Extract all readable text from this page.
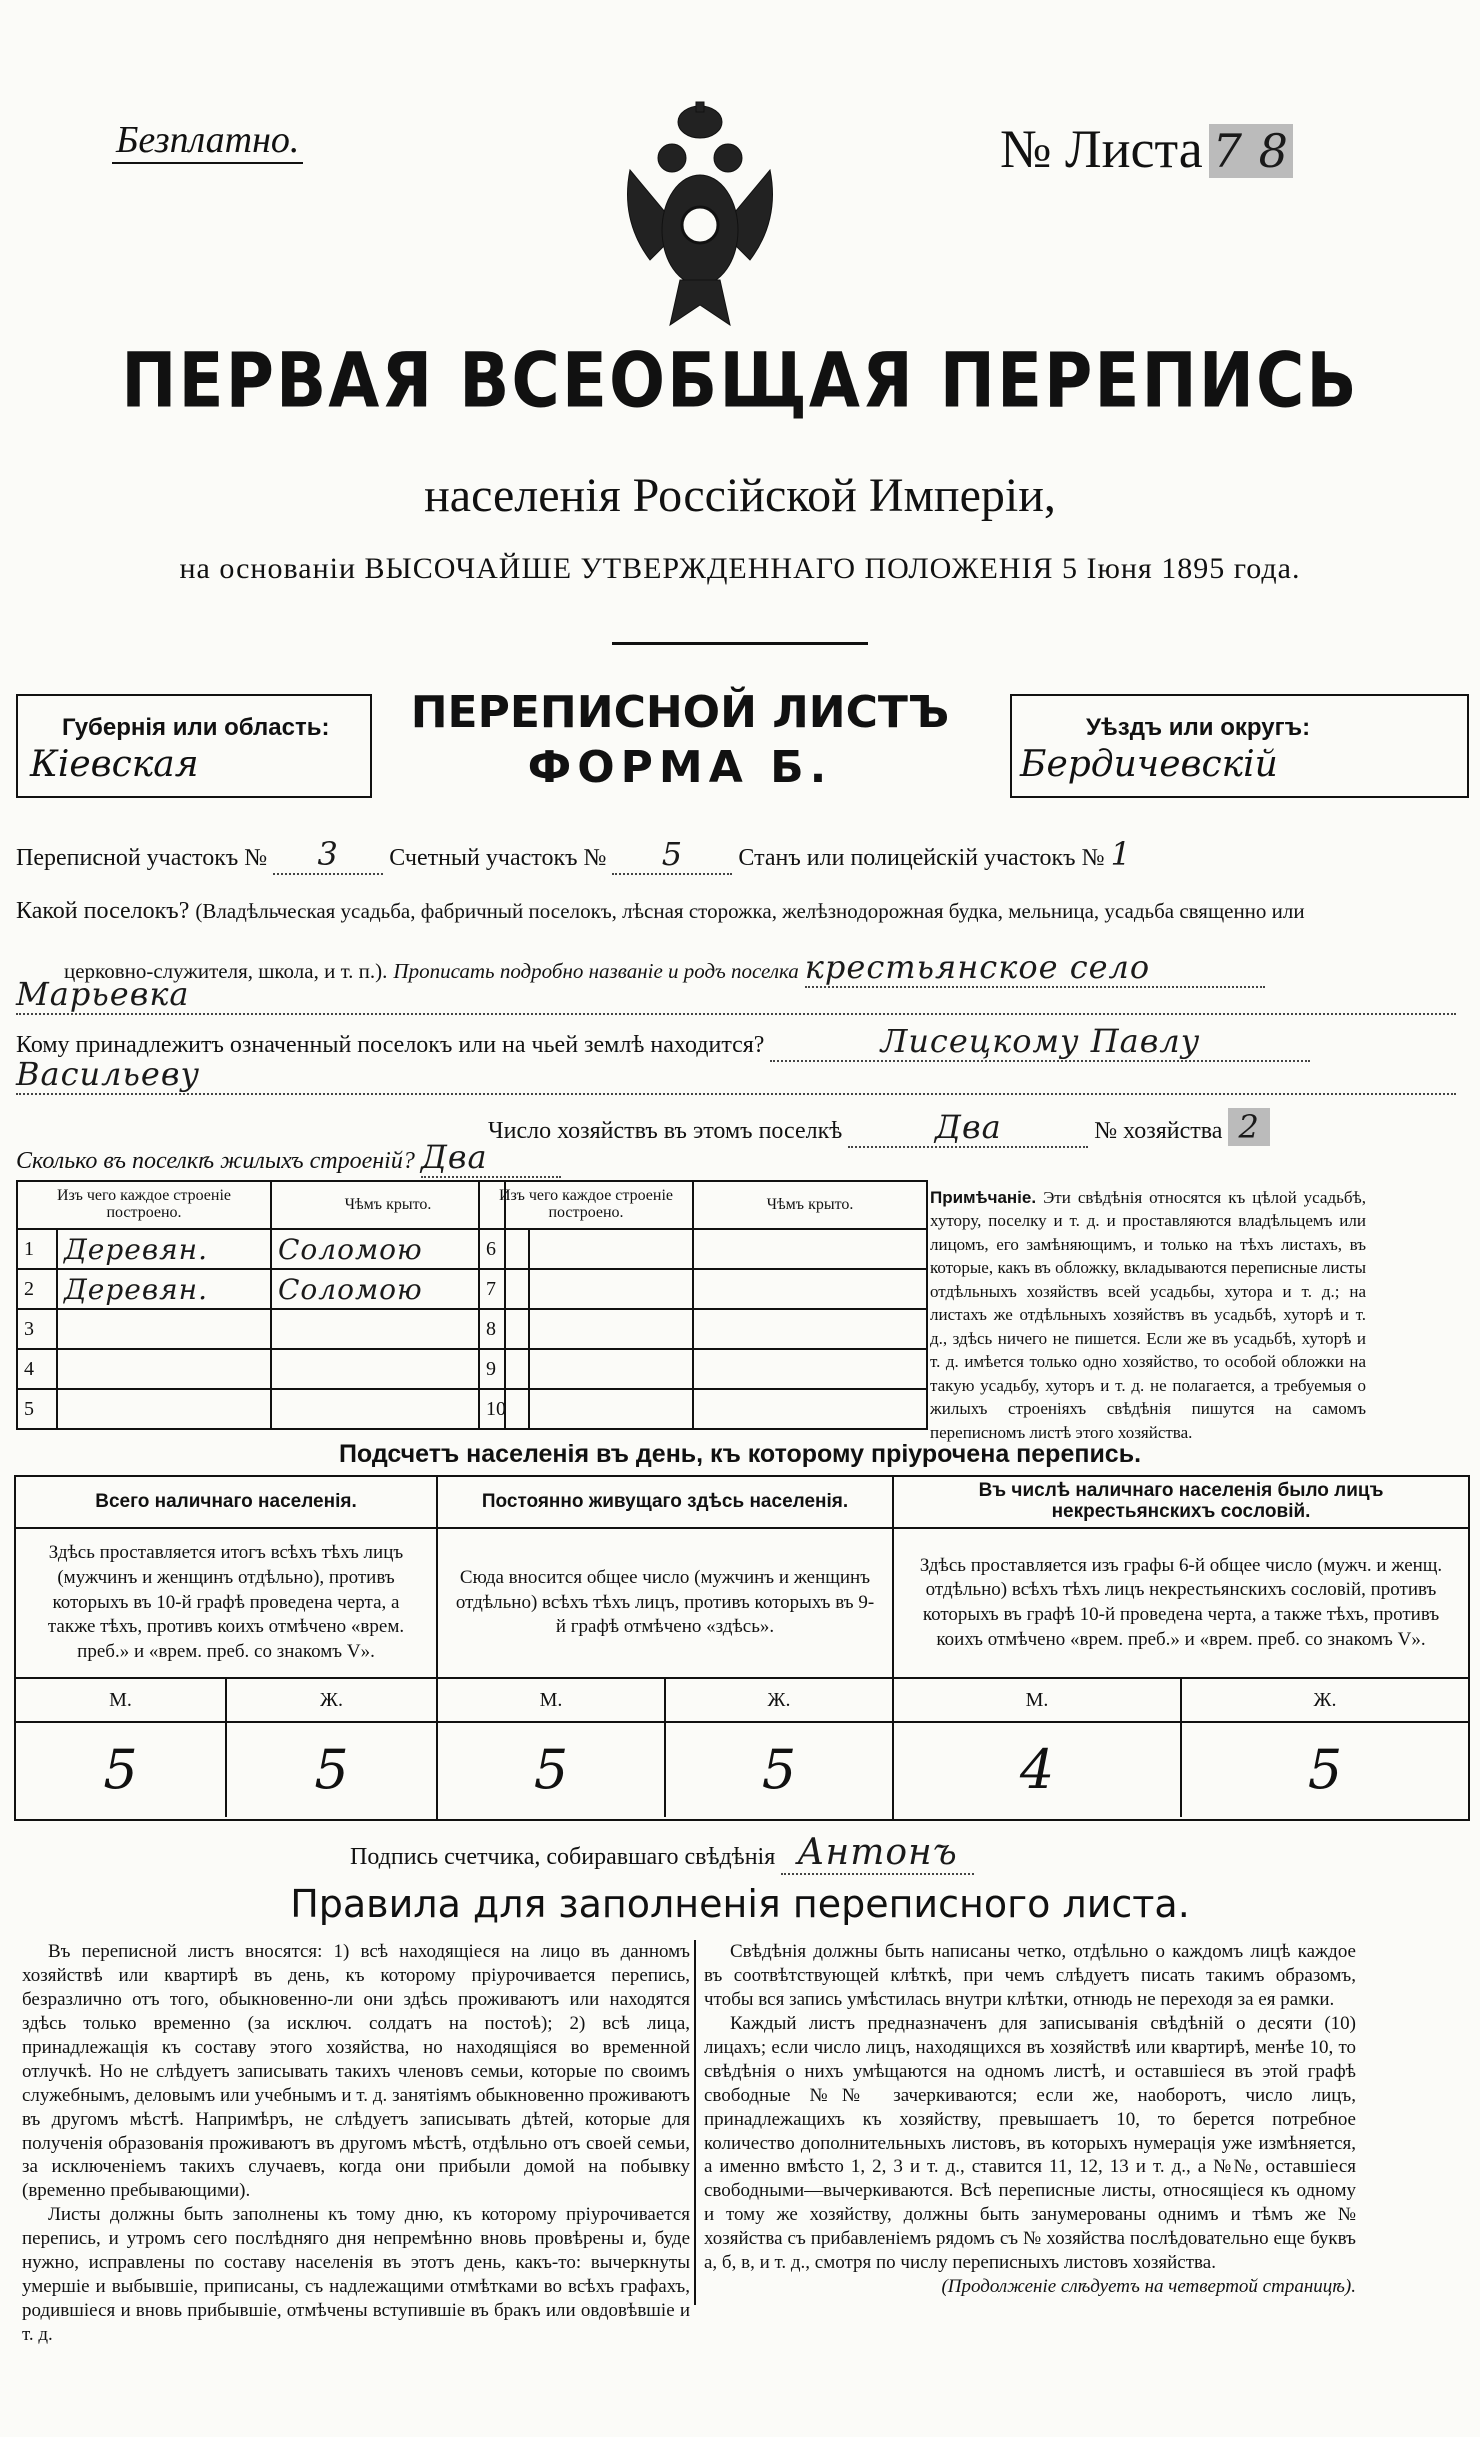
Безплатно.	№ Листа 7 8
ПЕРВАЯ ВСЕОБЩАЯ ПЕРЕПИСЬ
населенія Россійской Имперіи,
на основаніи ВЫСОЧАЙШЕ УТВЕРЖДЕННАГО ПОЛОЖЕНІЯ 5 Іюня 1895 года.
Губернія или область:
Кіевская
ПЕРЕПИСНОЙ ЛИСТЪ
ФОРМА Б.
Уѣздъ или округъ:
Бердичевскій
Переписной участокъ № 3 Счетный участокъ № 5 Станъ или полицейскій участокъ № 1
Какой поселокъ? (Владѣльческая усадьба, фабричный поселокъ, лѣсная сторожка, желѣзнодорожная будка, мельница, усадьба священно или
церковно-служителя, школа, и т. п.). Прописать подробно названіе и родъ поселка крестьянское село
Марьевка
Кому принадлежитъ означенный поселокъ или на чьей землѣ находится?	Лисецкому Павлу
Васильеву
Число хозяйствъ въ этомъ поселкѣ	Два	№ хозяйства 2
Сколько въ поселкѣ жилыхъ строеній? Два
Изъ чего каждое строеніе построено.		Чѣмъ крыто.
1	Деревян.	Соломою
2	Деревян.	Соломою
3		
4		
5		
Изъ чего каждое строеніе построено.		Чѣмъ крыто.
6		
7		
8		
9		
10		
Примѣчаніе. Эти свѣдѣнія относятся къ цѣлой усадьбѣ, хутору, поселку и т. д. и проставляются владѣльцемъ или лицомъ, его замѣняющимъ, и только на тѣхъ листахъ, въ которые, какъ въ обложку, вкладываются переписные листы отдѣльныхъ хозяйствъ всей усадьбы, хутора и т. д.; на листахъ же отдѣльныхъ хозяйствъ въ усадьбѣ, хуторѣ и т. д., здѣсь ничего не пишется. Если же въ усадьбѣ, хуторѣ и т. д. имѣется только одно хозяйство, то особой обложки на такую усадьбу, хуторъ и т. д. не полагается, а требуемыя о жилыхъ строеніяхъ свѣдѣнія пишутся на самомъ переписномъ листѣ этого хозяйства.
Подсчетъ населенія въ день, къ которому пріурочена перепись.
Всего наличнаго населенія.
Здѣсь проставляется итогъ всѣхъ тѣхъ лицъ (мужчинъ и женщинъ отдѣльно), противъ которыхъ въ 10-й графѣ проведена черта, а также тѣхъ, противъ коихъ отмѣчено «врем. преб.» и «врем. преб. со знакомъ V».
М.	Ж.
5	5
Постоянно живущаго здѣсь населенія.
Сюда вносится общее число (мужчинъ и женщинъ отдѣльно) всѣхъ тѣхъ лицъ, противъ которыхъ въ 9-й графѣ отмѣчено «здѣсь».
М.	Ж.
5	5
Въ числѣ наличнаго населенія было лицъ некрестьянскихъ сословій.
Здѣсь проставляется изъ графы 6-й общее число (мужч. и женщ. отдѣльно) всѣхъ тѣхъ лицъ некрестьянскихъ сословій, противъ которыхъ въ графѣ 10-й проведена черта, а также тѣхъ, противъ коихъ отмѣчено «врем. преб.» и «врем. преб. со знакомъ V».
М.	Ж.
4	5
Подпись счетчика, собиравшаго свѣдѣнія Антонъ
Правила для заполненія переписного листа.

Въ переписной листъ вносятся: 1) всѣ находящіеся на лицо въ данномъ хозяйствѣ или квартирѣ въ день, къ которому пріурочивается перепись, безразлично отъ того, обыкновенно-ли они здѣсь проживаютъ или находятся здѣсь только временно (за исключ. солдатъ на постоѣ); 2) всѣ лица, принадлежащія къ составу этого хозяйства, но находящіяся во временной отлучкѣ. Но не слѣдуетъ записывать такихъ членовъ семьи, которые по своимъ служебнымъ, деловымъ или учебнымъ и т. д. занятіямъ обыкновенно проживаютъ въ другомъ мѣстѣ. Напримѣръ, не слѣдуетъ записывать дѣтей, которые для полученія образованія проживаютъ въ другомъ мѣстѣ, отдѣльно отъ своей семьи, за исключеніемъ такихъ случаевъ, когда они прибыли домой на побывку (временно пребывающими).

Листы должны быть заполнены къ тому дню, къ которому пріурочивается перепись, и утромъ сего послѣдняго дня непремѣнно вновь провѣрены и, буде нужно, исправлены по составу населенія въ этотъ день, какъ-то: вычеркнуты умершіе и выбывшіе, приписаны, съ надлежащими отмѣтками во всѣхъ графахъ, родившіеся и вновь прибывшіе, отмѣчены вступившіе въ бракъ или овдовѣвшіе и т. д.

Свѣдѣнія должны быть написаны четко, отдѣльно о каждомъ лицѣ каждое въ соотвѣтствующей клѣткѣ, при чемъ слѣдуетъ писать такимъ образомъ, чтобы вся запись умѣстилась внутри клѣтки, отнюдь не переходя за ея рамки.

Каждый листъ предназначенъ для записыванія свѣдѣній о десяти (10) лицахъ; если число лицъ, находящихся въ хозяйствѣ или квартирѣ, менѣе 10, то свѣдѣнія о нихъ умѣщаются на одномъ листѣ, и оставшіеся въ этой графѣ свободные №№ зачеркиваются; если же, наоборотъ, число лицъ, принадлежащихъ къ хозяйству, превышаетъ 10, то берется потребное количество дополнительныхъ листовъ, въ которыхъ нумерація уже измѣняется, а именно вмѣсто 1, 2, 3 и т. д., ставится 11, 12, 13 и т. д., а №№, оставшіеся свободными—вычеркиваются. Всѣ переписные листы, относящіеся къ одному и тому же хозяйству, должны быть занумерованы однимъ и тѣмъ же № хозяйства съ прибавленіемъ рядомъ съ № хозяйства послѣдовательно еще буквъ а, б, в, и т. д., смотря по числу переписныхъ листовъ хозяйства.

(Продолженіе слѣдуетъ на четвертой страницѣ).
